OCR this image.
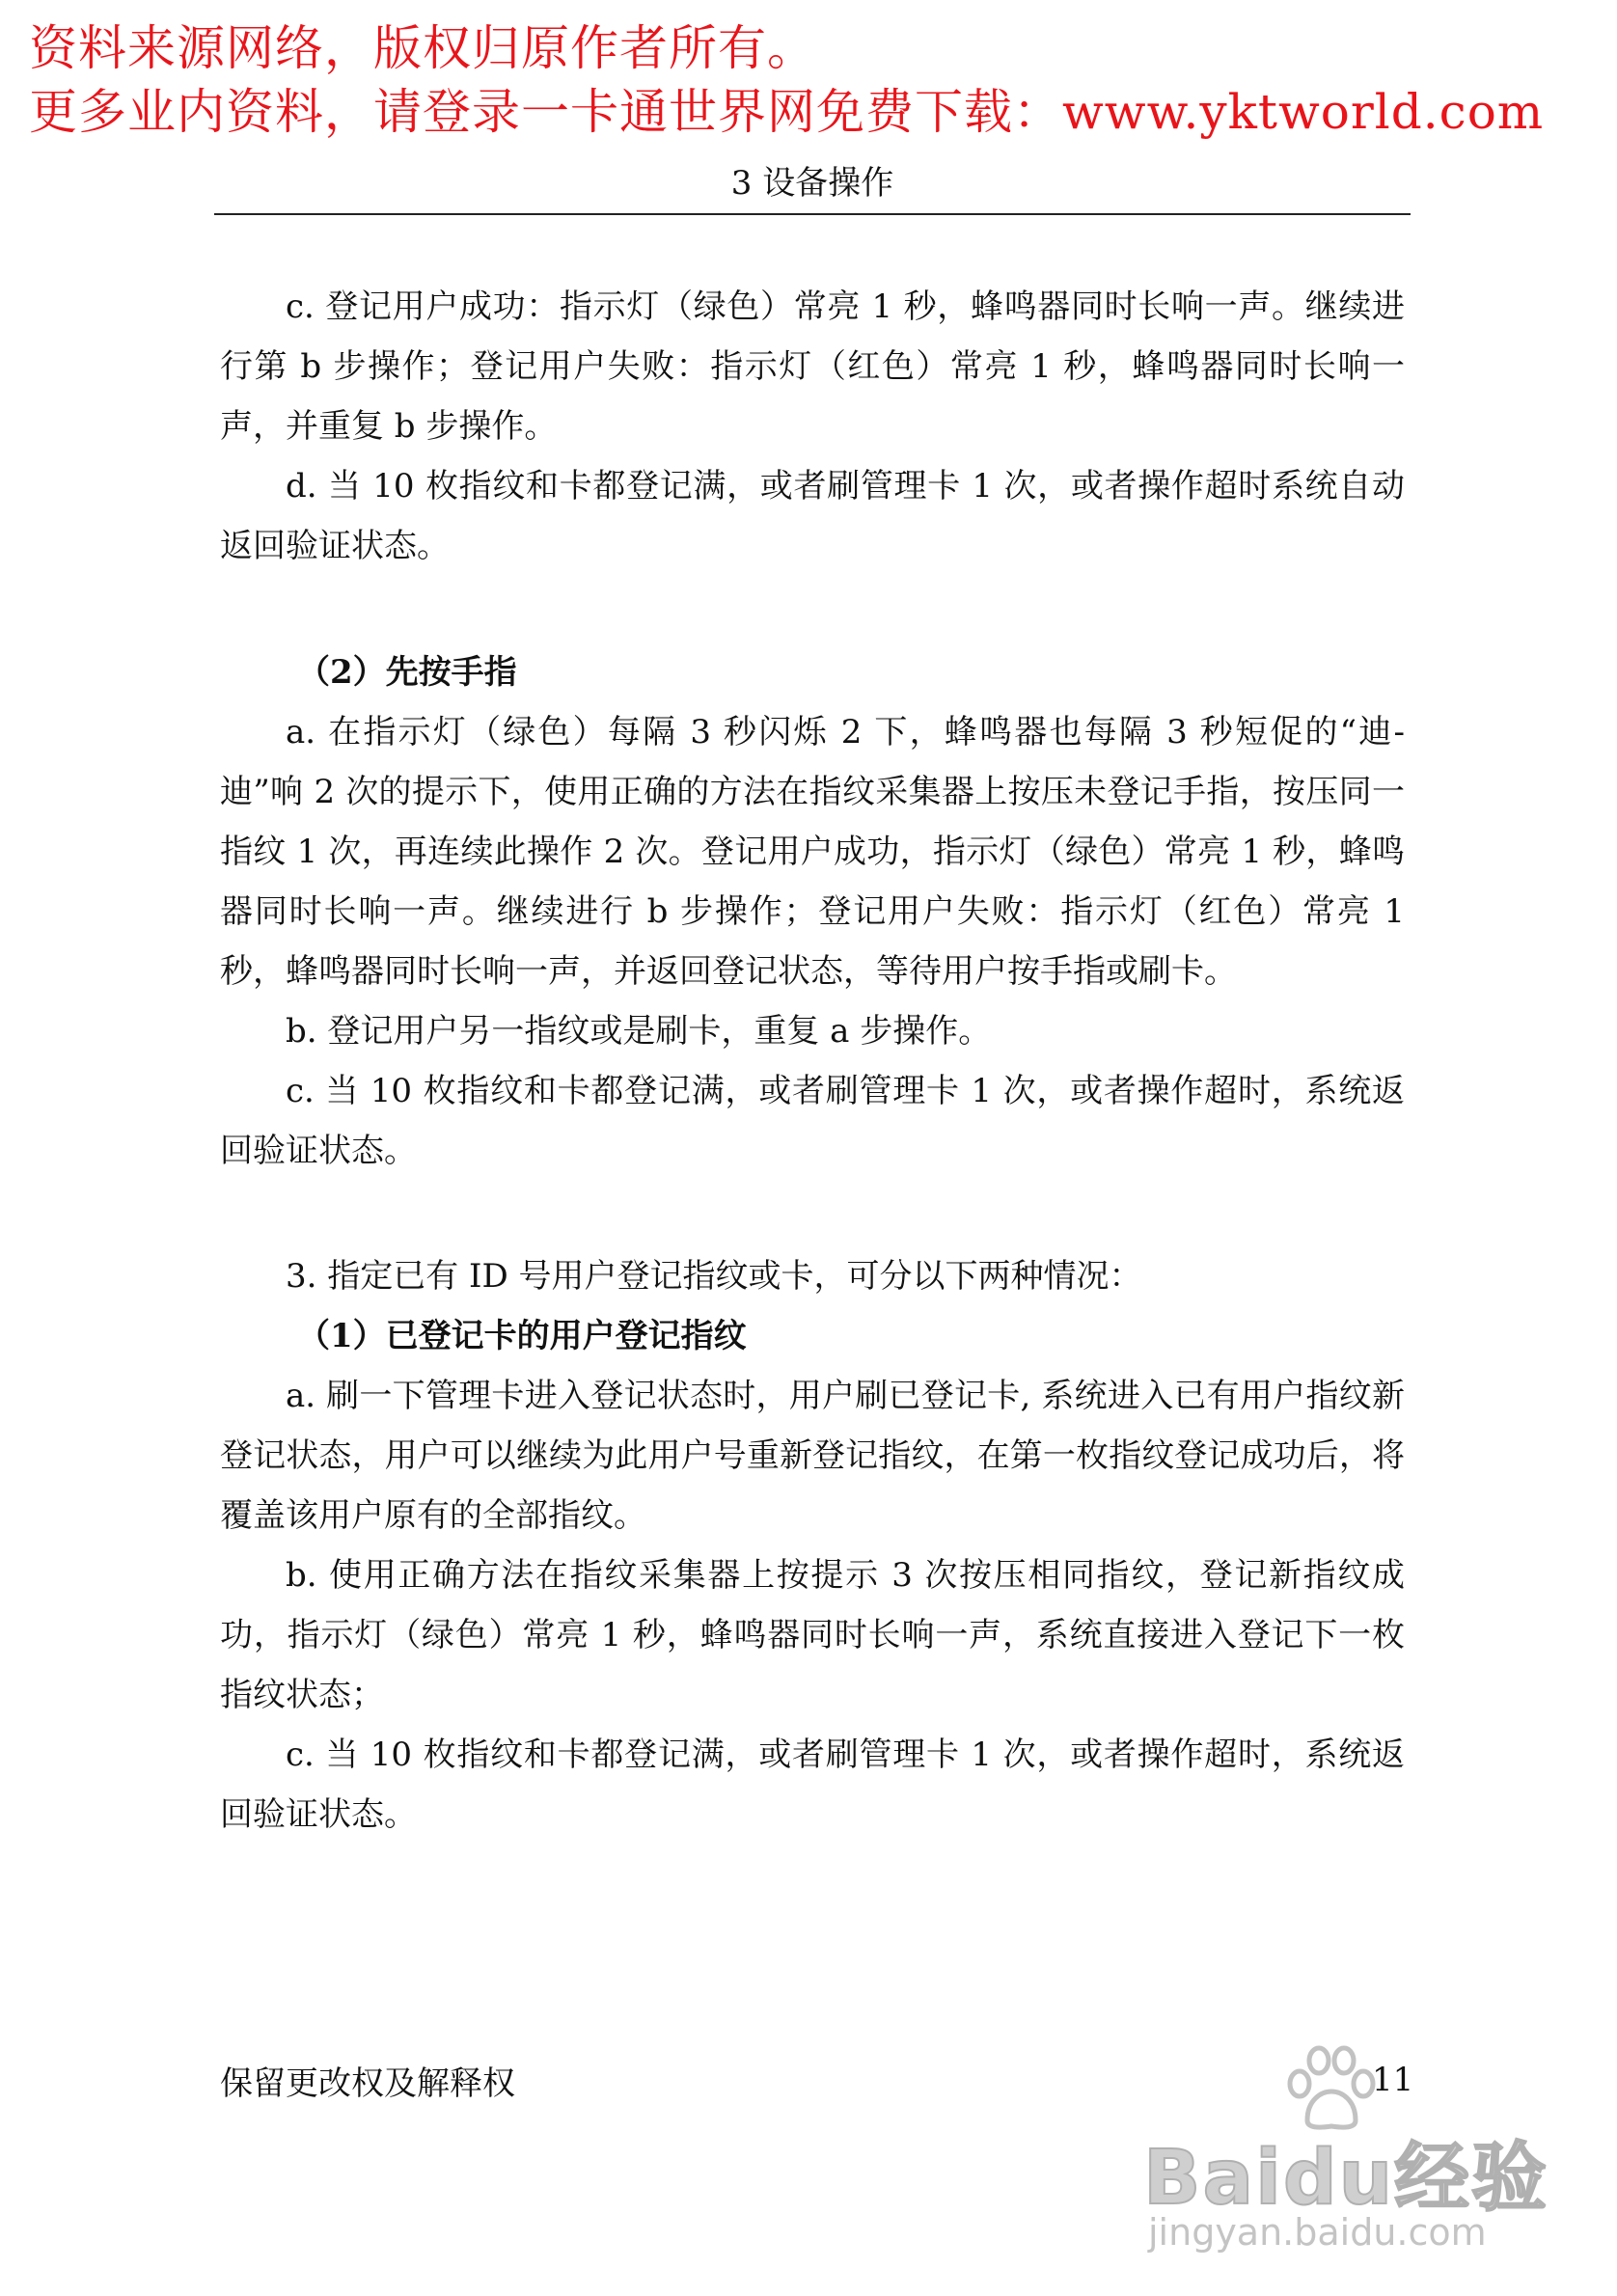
资料来源网络，版权归原作者所有。
更多业内资料，请登录一卡通世界网免费下载：www.yktworld.com
3 设备操作

c. 登记用户成功：指示灯（绿色）常亮 1 秒，蜂鸣器同时长响一声。继续进行第 b 步操作；登记用户失败：指示灯（红色）常亮 1 秒，蜂鸣器同时长响一声，并重复 b 步操作。

d. 当 10 枚指纹和卡都登记满，或者刷管理卡 1 次，或者操作超时系统自动返回验证状态。

（2）先按手指

a. 在指示灯（绿色）每隔 3 秒闪烁 2 下，蜂鸣器也每隔 3 秒短促的“迪-迪”响 2 次的提示下，使用正确的方法在指纹采集器上按压未登记手指，按压同一指纹 1 次，再连续此操作 2 次。登记用户成功，指示灯（绿色）常亮 1 秒，蜂鸣器同时长响一声。继续进行 b 步操作；登记用户失败：指示灯（红色）常亮 1 秒，蜂鸣器同时长响一声，并返回登记状态，等待用户按手指或刷卡。

b. 登记用户另一指纹或是刷卡，重复 a 步操作。

c. 当 10 枚指纹和卡都登记满，或者刷管理卡 1 次，或者操作超时，系统返回验证状态。

3. 指定已有 ID 号用户登记指纹或卡，可分以下两种情况：

（1）已登记卡的用户登记指纹

a. 刷一下管理卡进入登记状态时，用户刷已登记卡, 系统进入已有用户指纹新登记状态，用户可以继续为此用户号重新登记指纹，在第一枚指纹登记成功后，将覆盖该用户原有的全部指纹。

b. 使用正确方法在指纹采集器上按提示 3 次按压相同指纹，登记新指纹成功，指示灯（绿色）常亮 1 秒，蜂鸣器同时长响一声，系统直接进入登记下一枚指纹状态；

c. 当 10 枚指纹和卡都登记满，或者刷管理卡 1 次，或者操作超时，系统返回验证状态。

保留更改权及解释权	11
Baidu经验
jingyan.baidu.com
